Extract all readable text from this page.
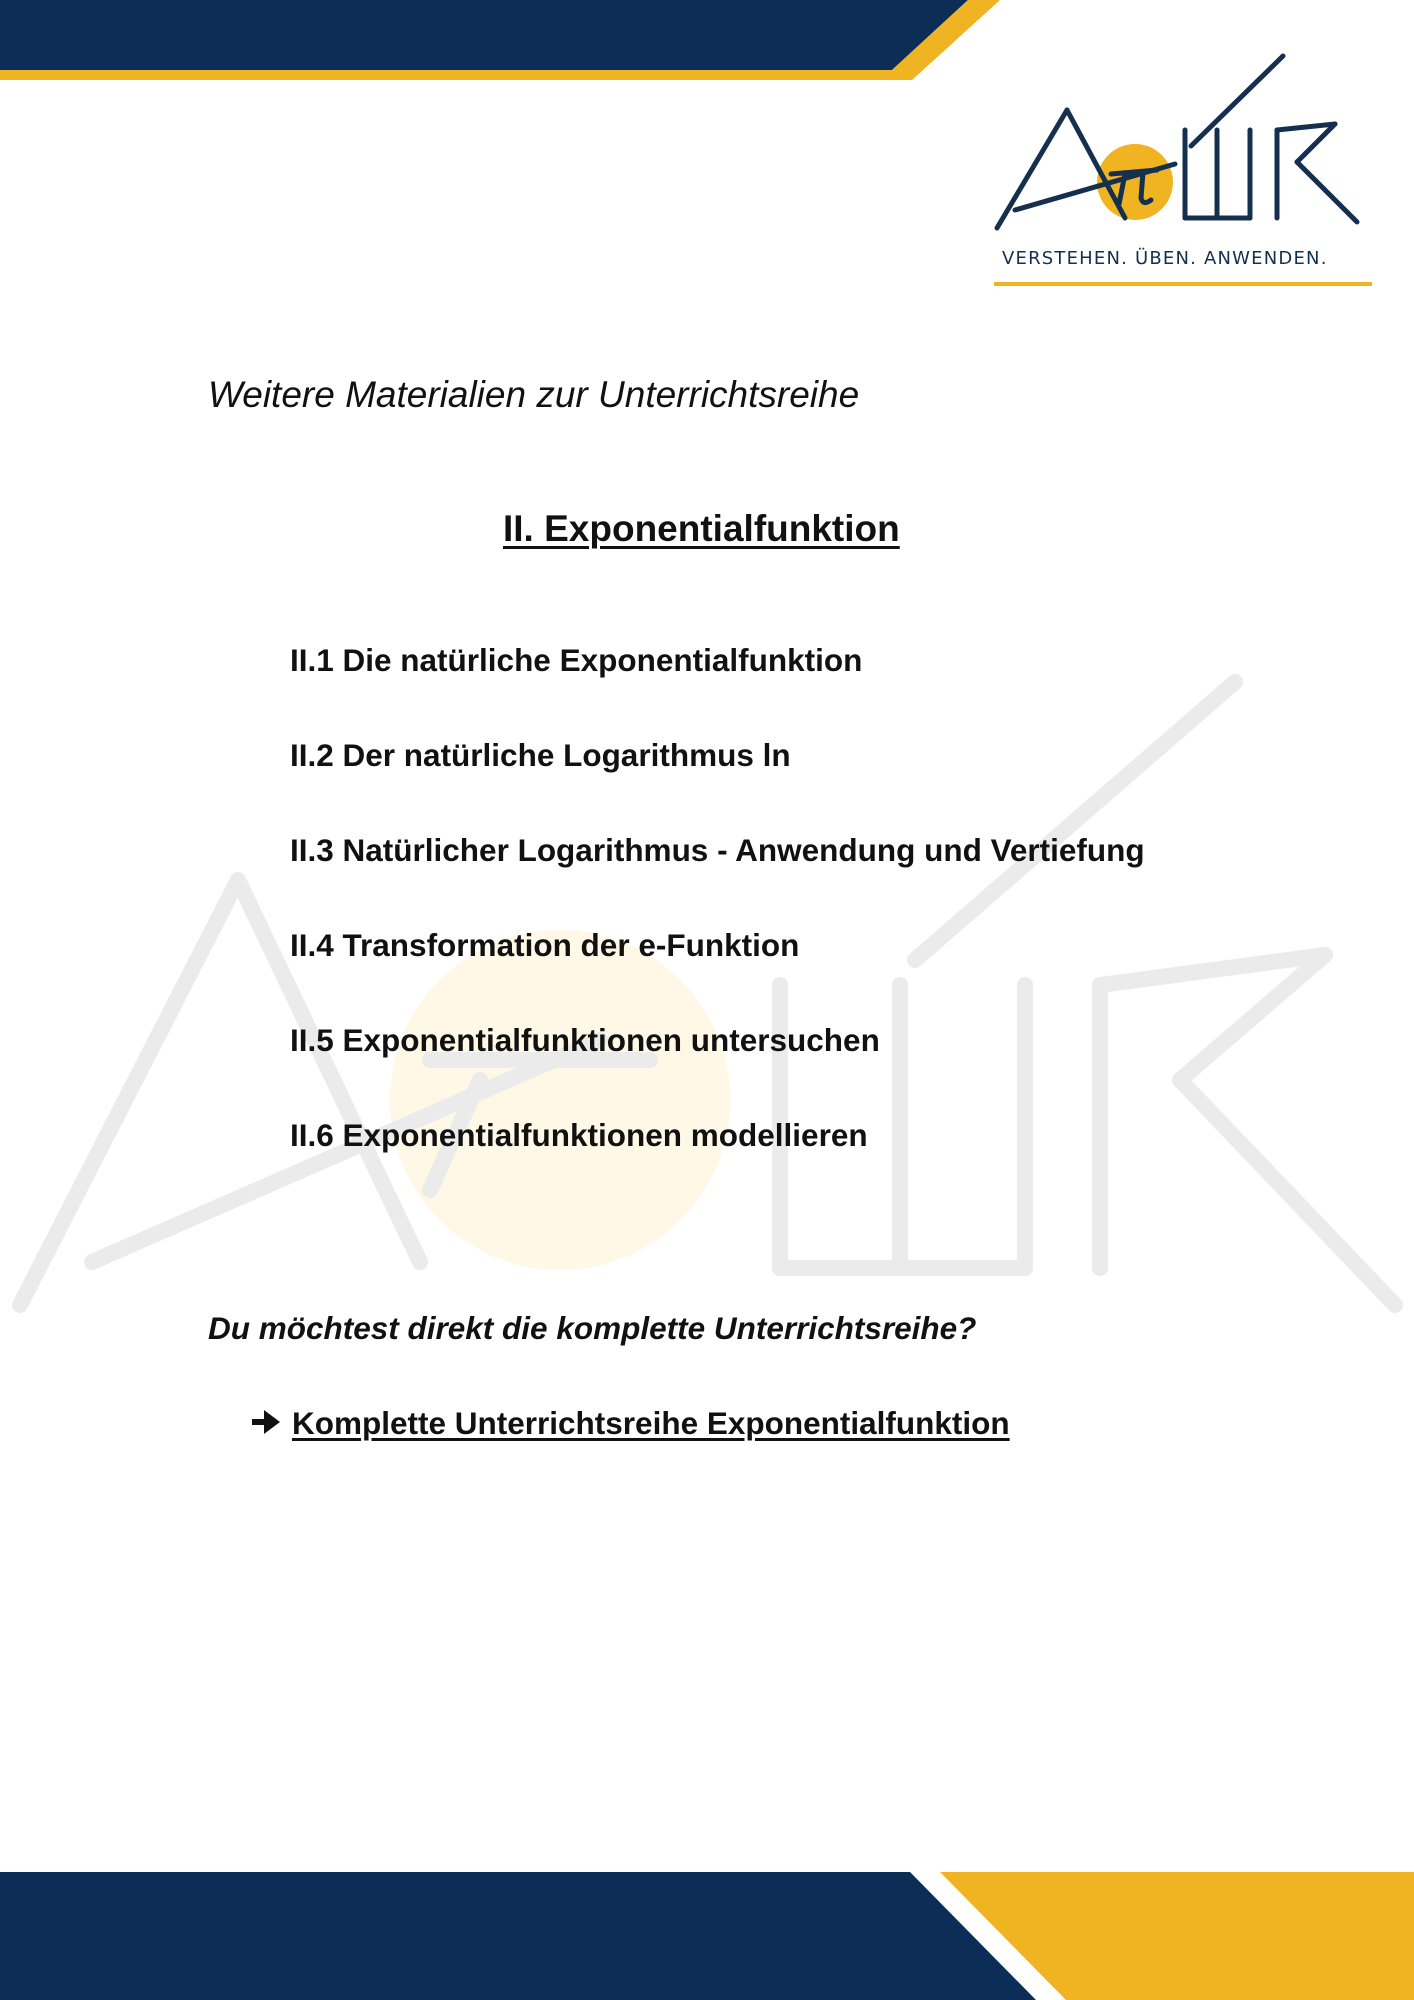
VERSTEHEN. ÜBEN. ANWENDEN.
Weitere Materialien zur Unterrichtsreihe
II. Exponentialfunktion
II.1 Die natürliche Exponentialfunktion
II.2 Der natürliche Logarithmus ln
II.3 Natürlicher Logarithmus - Anwendung und Vertiefung
II.4 Transformation der e-Funktion
II.5 Exponentialfunktionen untersuchen
II.6 Exponentialfunktionen modellieren
Du möchtest direkt die komplette Unterrichtsreihe?
Komplette Unterrichtsreihe Exponentialfunktion
